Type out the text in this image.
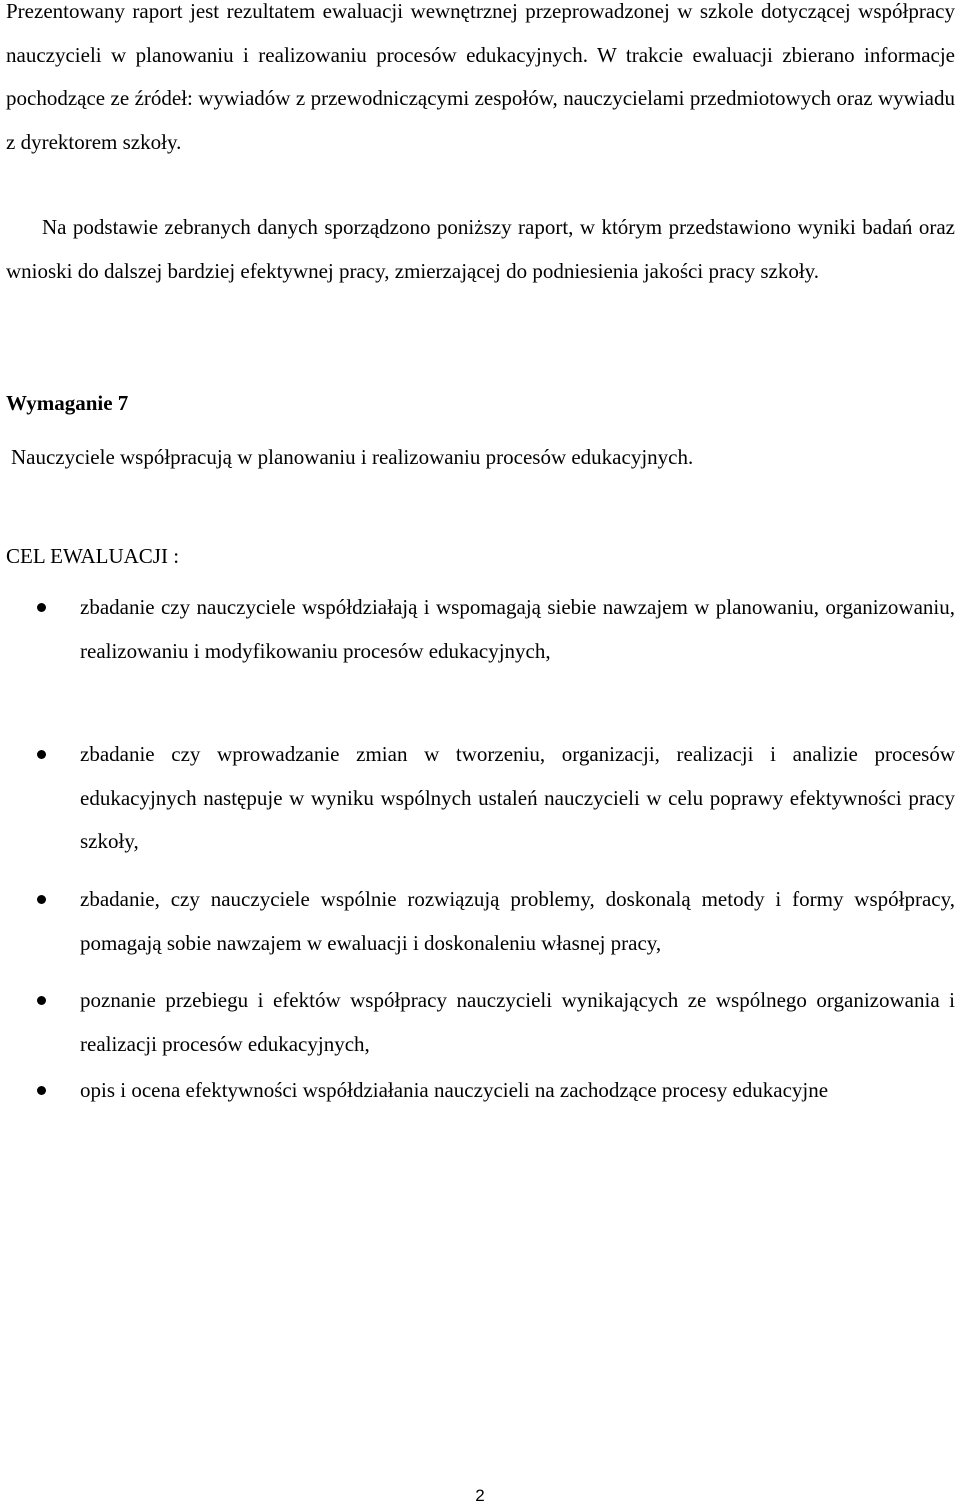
Prezentowany raport jest rezultatem ewaluacji wewnętrznej przeprowadzonej w szkole dotyczącej współpracy nauczycieli w planowaniu i realizowaniu procesów edukacyjnych. W trakcie ewaluacji zbierano informacje pochodzące ze źródeł: wywiadów z przewodniczącymi zespołów, nauczycielami przedmiotowych oraz wywiadu z dyrektorem szkoły.

Na podstawie zebranych danych sporządzono poniższy raport, w którym przedstawiono wyniki badań oraz wnioski do dalszej bardziej efektywnej pracy, zmierzającej do podniesienia jakości pracy szkoły.

Wymaganie 7

Nauczyciele współpracują w planowaniu i realizowaniu procesów edukacyjnych.

CEL EWALUACJI :

zbadanie czy nauczyciele współdziałają i wspomagają siebie nawzajem w planowaniu, organizowaniu, realizowaniu i modyfikowaniu procesów edukacyjnych,

zbadanie czy wprowadzanie zmian w tworzeniu, organizacji, realizacji i analizie procesów edukacyjnych następuje w wyniku wspólnych ustaleń nauczycieli w celu poprawy efektywności pracy szkoły,

zbadanie, czy nauczyciele wspólnie rozwiązują problemy, doskonalą metody i formy współpracy, pomagają sobie nawzajem w ewaluacji i doskonaleniu własnej pracy,

poznanie przebiegu i efektów współpracy nauczycieli wynikających ze wspólnego organizowania i realizacji procesów edukacyjnych,

opis i ocena efektywności współdziałania nauczycieli na zachodzące procesy edukacyjne

2
